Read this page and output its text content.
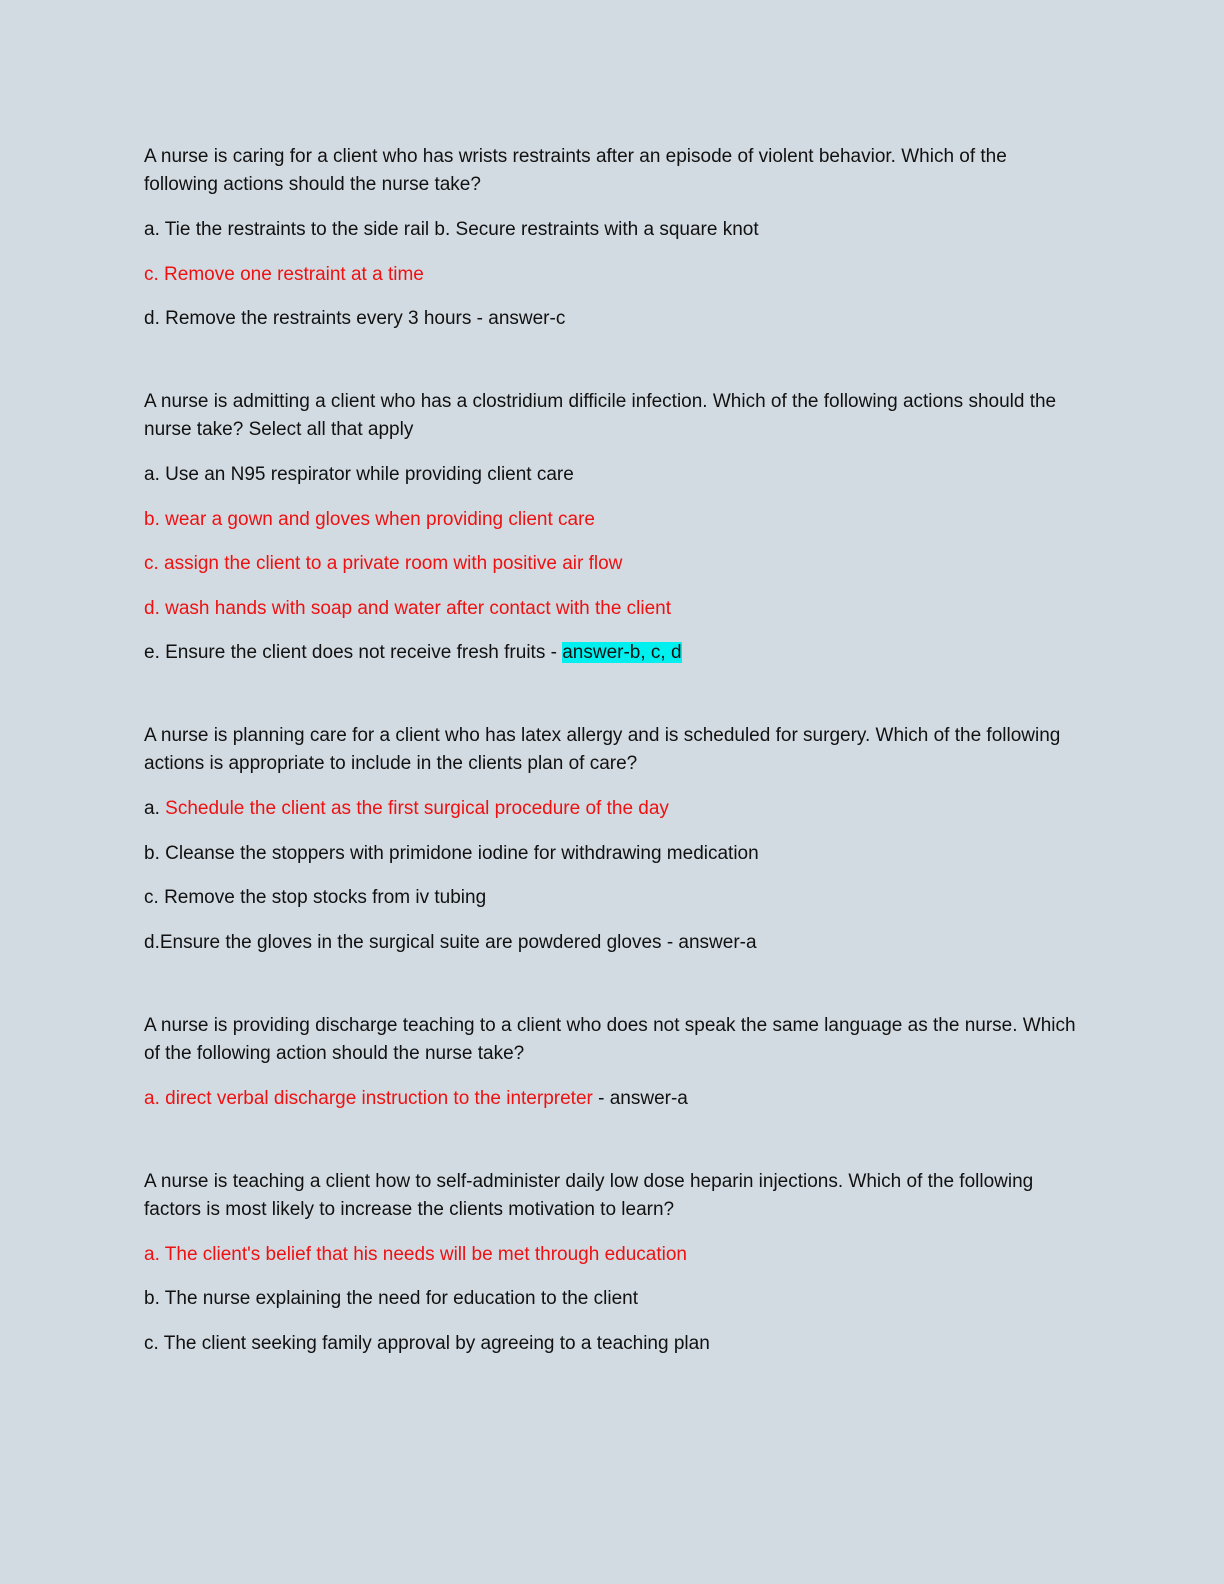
A nurse is caring for a client who has wrists restraints after an episode of violent behavior. Which of the following actions should the nurse take?

a. Tie the restraints to the side rail b. Secure restraints with a square knot

c. Remove one restraint at a time

d. Remove the restraints every 3 hours - answer-c

A nurse is admitting a client who has a clostridium difficile infection. Which of the following actions should the nurse take? Select all that apply

a. Use an N95 respirator while providing client care

b. wear a gown and gloves when providing client care

c. assign the client to a private room with positive air flow

d. wash hands with soap and water after contact with the client

e. Ensure the client does not receive fresh fruits - answer-b, c, d

A nurse is planning care for a client who has latex allergy and is scheduled for surgery. Which of the following actions is appropriate to include in the clients plan of care?

a. Schedule the client as the first surgical procedure of the day

b. Cleanse the stoppers with primidone iodine for withdrawing medication

c. Remove the stop stocks from iv tubing

d.Ensure the gloves in the surgical suite are powdered gloves - answer-a

A nurse is providing discharge teaching to a client who does not speak the same language as the nurse. Which of the following action should the nurse take?

a. direct verbal discharge instruction to the interpreter - answer-a

A nurse is teaching a client how to self-administer daily low dose heparin injections. Which of the following factors is most likely to increase the clients motivation to learn?

a. The client's belief that his needs will be met through education

b. The nurse explaining the need for education to the client

c. The client seeking family approval by agreeing to a teaching plan
